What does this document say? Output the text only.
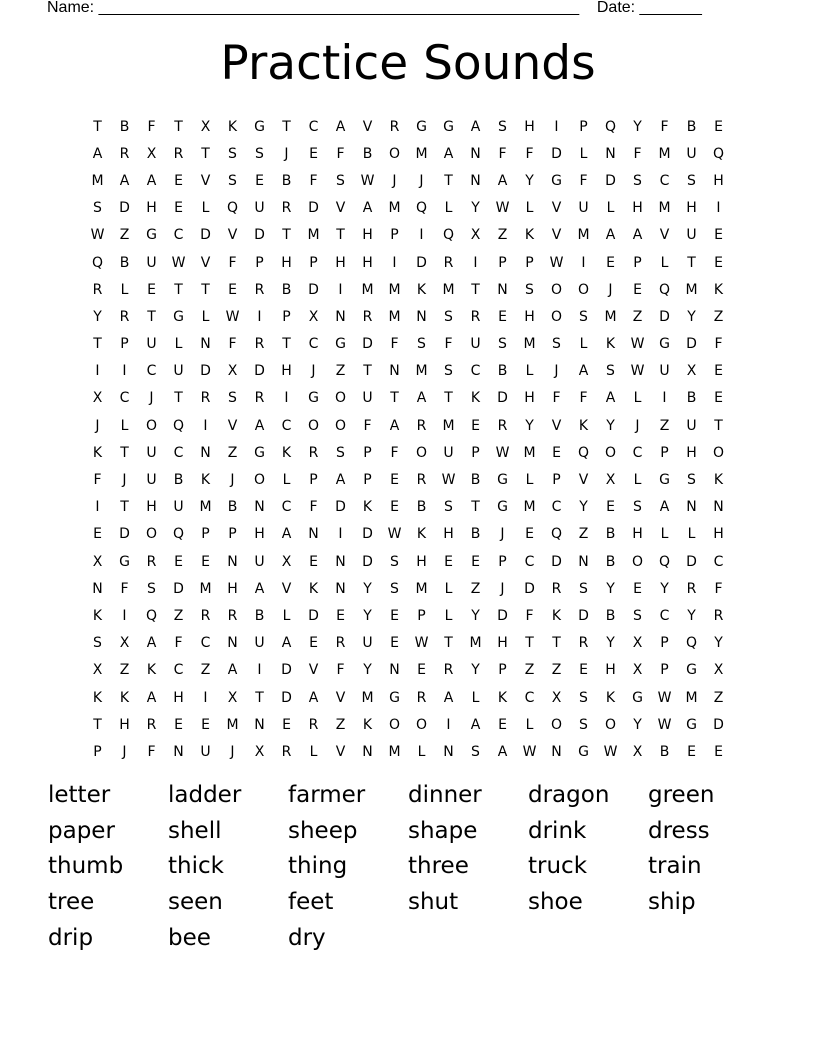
Name: ______________________________________________________    Date: _______
Practice Sounds
T	B	F	T	X	K	G	T	C	A	V	R	G	G	A	S	H	I	P	Q	Y	F	B	E
A	R	X	R	T	S	S	J	E	F	B	O	M	A	N	F	F	D	L	N	F	M	U	Q
M	A	A	E	V	S	E	B	F	S	W	J	J	T	N	A	Y	G	F	D	S	C	S	H
S	D	H	E	L	Q	U	R	D	V	A	M	Q	L	Y	W	L	V	U	L	H	M	H	I
W	Z	G	C	D	V	D	T	M	T	H	P	I	Q	X	Z	K	V	M	A	A	V	U	E
Q	B	U	W	V	F	P	H	P	H	H	I	D	R	I	P	P	W	I	E	P	L	T	E
R	L	E	T	T	E	R	B	D	I	M	M	K	M	T	N	S	O	O	J	E	Q	M	K
Y	R	T	G	L	W	I	P	X	N	R	M	N	S	R	E	H	O	S	M	Z	D	Y	Z
T	P	U	L	N	F	R	T	C	G	D	F	S	F	U	S	M	S	L	K	W	G	D	F
I	I	C	U	D	X	D	H	J	Z	T	N	M	S	C	B	L	J	A	S	W	U	X	E
X	C	J	T	R	S	R	I	G	O	U	T	A	T	K	D	H	F	F	A	L	I	B	E
J	L	O	Q	I	V	A	C	O	O	F	A	R	M	E	R	Y	V	K	Y	J	Z	U	T
K	T	U	C	N	Z	G	K	R	S	P	F	O	U	P	W	M	E	Q	O	C	P	H	O
F	J	U	B	K	J	O	L	P	A	P	E	R	W	B	G	L	P	V	X	L	G	S	K
I	T	H	U	M	B	N	C	F	D	K	E	B	S	T	G	M	C	Y	E	S	A	N	N
E	D	O	Q	P	P	H	A	N	I	D	W	K	H	B	J	E	Q	Z	B	H	L	L	H
X	G	R	E	E	N	U	X	E	N	D	S	H	E	E	P	C	D	N	B	O	Q	D	C
N	F	S	D	M	H	A	V	K	N	Y	S	M	L	Z	J	D	R	S	Y	E	Y	R	F
K	I	Q	Z	R	R	B	L	D	E	Y	E	P	L	Y	D	F	K	D	B	S	C	Y	R
S	X	A	F	C	N	U	A	E	R	U	E	W	T	M	H	T	T	R	Y	X	P	Q	Y
X	Z	K	C	Z	A	I	D	V	F	Y	N	E	R	Y	P	Z	Z	E	H	X	P	G	X
K	K	A	H	I	X	T	D	A	V	M	G	R	A	L	K	C	X	S	K	G	W	M	Z
T	H	R	E	E	M	N	E	R	Z	K	O	O	I	A	E	L	O	S	O	Y	W	G	D
P	J	F	N	U	J	X	R	L	V	N	M	L	N	S	A	W	N	G	W	X	B	E	E
letter	ladder	farmer	dinner	dragon	green
paper	shell	sheep	shape	drink	dress
thumb	thick	thing	three	truck	train
tree	seen	feet	shut	shoe	ship
drip	bee	dry
